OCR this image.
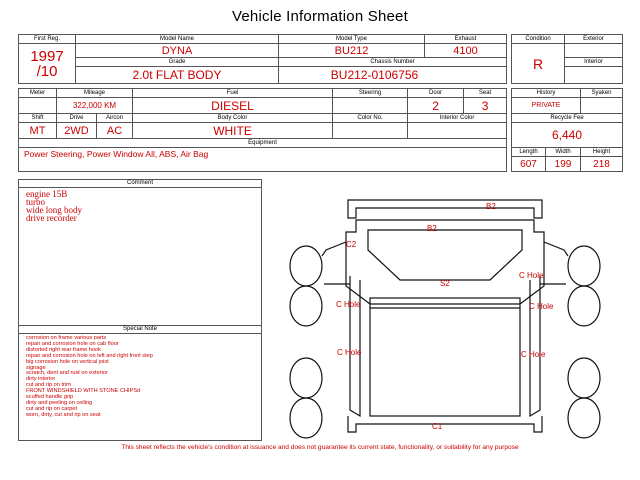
Vehicle Information Sheet
First Reg.	Model Name	Model Type	Exhaust

1997
/10	DYNA	BU212	4100
	Grade	Chassis Number	
	2.0t FLAT BODY	BU212-0106756	
Condition	Exterior
R	
	Interior

Meter	Mileage		Fuel	Steering	Door	Seat
	322,000 KM		DIESEL		2	3
Shift	Drive	Aircon	Body Color	Color No.	Interior Color	
MT	2WD	AC	WHITE			
Equipment						
Power Steering, Power Window All, ABS, Air Bag						
History		Syaken
PRIVATE		
Recycle Fee		
6,440		
Length	Width	Height
607	199	218
Comment
engine 15B
turbo
wide long body
drive recorder
Special Note
corrosion on frame various parts
repair and corrosion hole on cab floor
distorted right rear frame hook
repair and corrosion hole on left and right front step
big corrosion hole on vertical joist
signage
scratch, dent and rust on exterior
dirty interior
cut and rip on trim
FRONT WINDSHIELD WITH STONE CHIPSd
scuffed handle grip
dirty and peeling on ceiling
cut and rip on carpet
worn, dirty, cut and rip on seat
B2
B2
C2
C Hole
S2
C Hole	C Hole
C Hole	C Hole
C1
This sheet reflects the vehicle's condition at issuance and does not guarantee its current state, functionality, or suitability for any purpose
